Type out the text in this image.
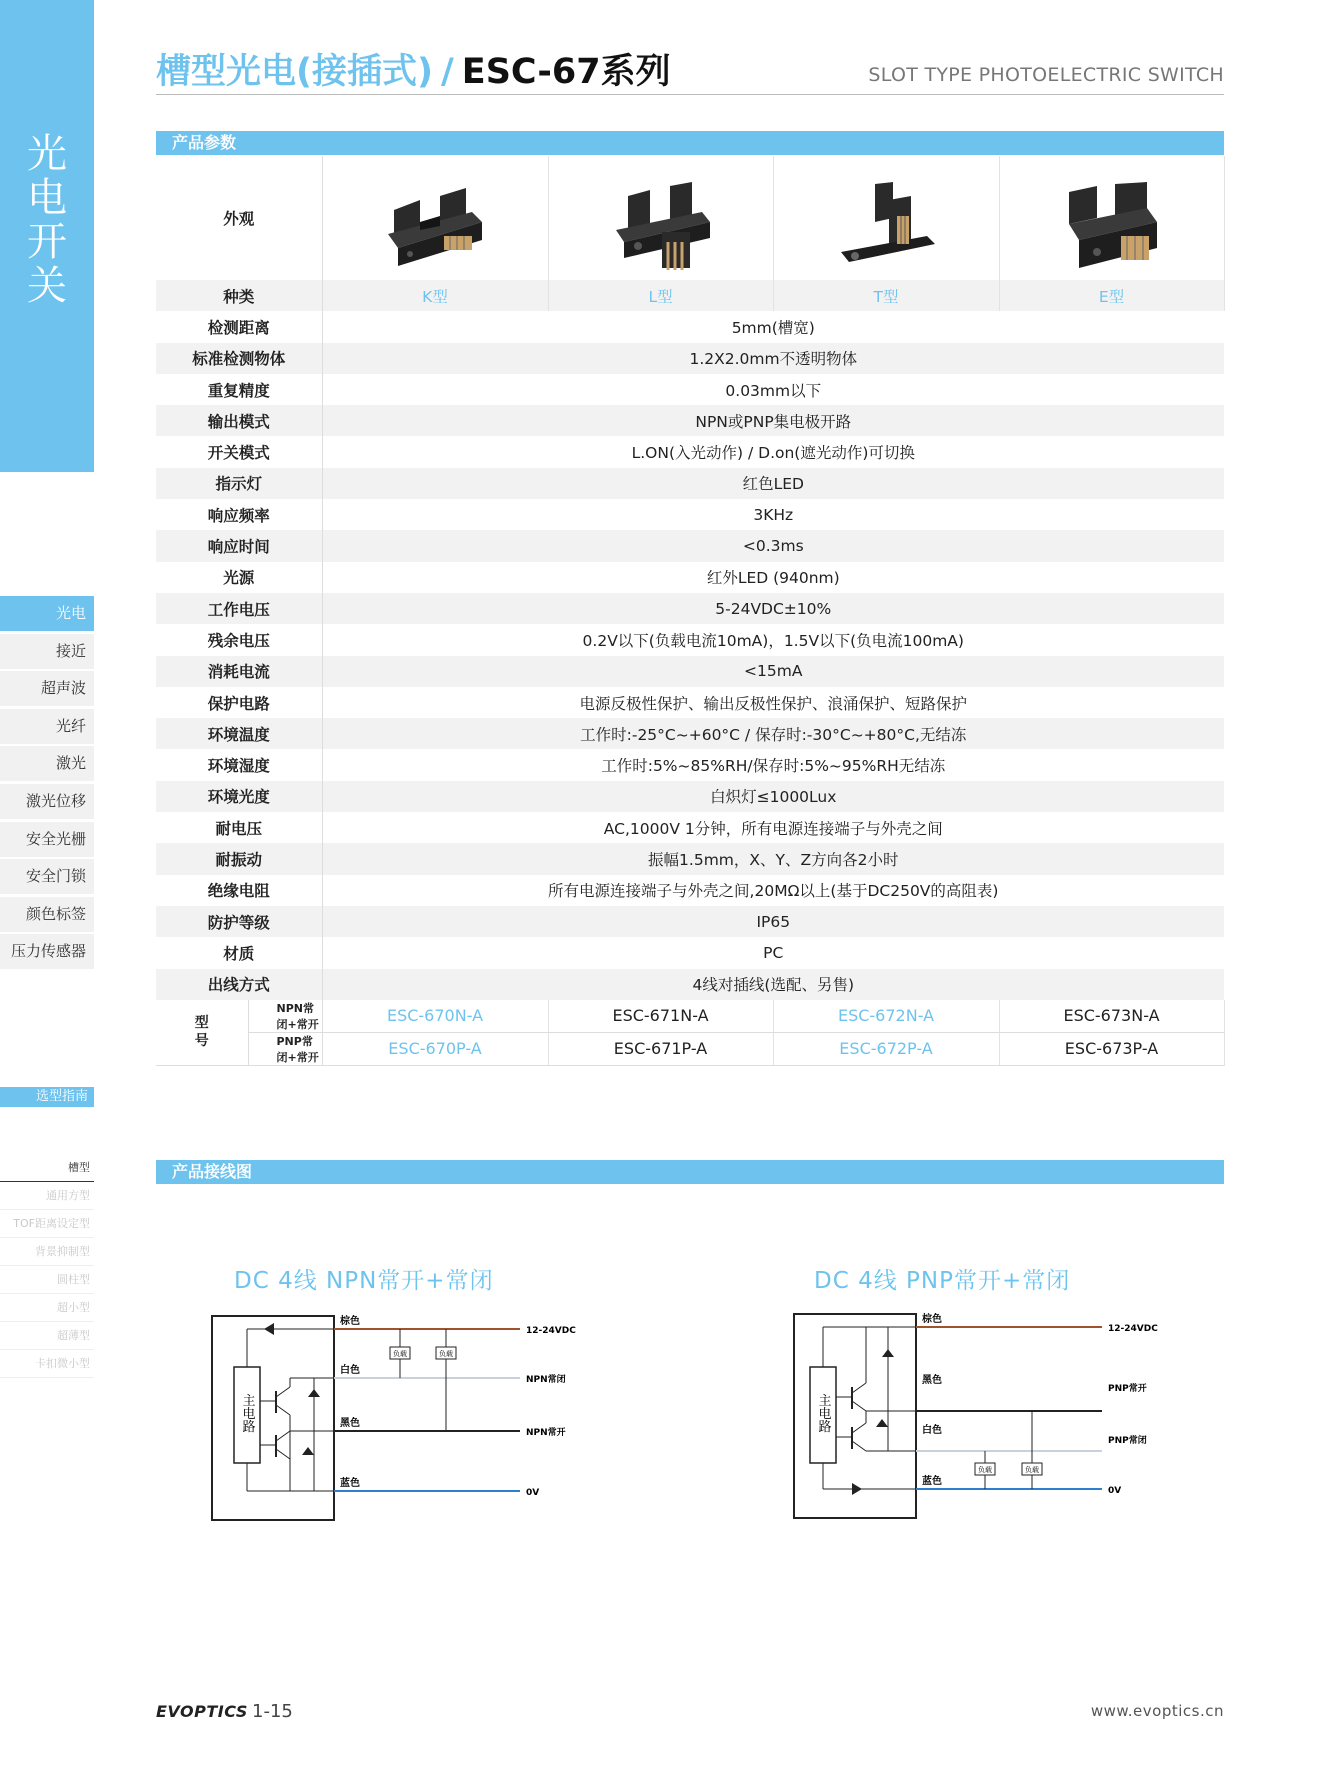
光
电
开
关
光电
接近
超声波
光纤
激光
激光位移
安全光栅
安全门锁
颜色标签
压力传感器
选型指南
槽型
通用方型
TOF距离设定型
背景抑制型
圆柱型
超小型
超薄型
卡扣微小型
槽型光电(接插式) / ESC-67系列	SLOT TYPE PHOTOELECTRIC SWITCH
产品参数
外观	

种类		K型	L型	T型	E型
检测距离		5mm(槽宽)			
标准检测物体		1.2X2.0mm不透明物体			
重复精度		0.03mm以下			
输出模式		NPN或PNP集电极开路			
开关模式		L.ON(入光动作) / D.on(遮光动作)可切换			
指示灯		红色LED			
响应频率		3KHz			
响应时间		<0.3ms			
光源		红外LED (940nm)			
工作电压		5-24VDC±10%			
残余电压		0.2V以下(负载电流10mA)，1.5V以下(负电流100mA)			
消耗电流		<15mA			
保护电路		电源反极性保护、输出反极性保护、浪涌保护、短路保护			
环境温度		工作时:-25°C~+60°C / 保存时:-30°C~+80°C,无结冻			
环境湿度		工作时:5%~85%RH/保存时:5%~95%RH无结冻			
环境光度		白炽灯≤1000Lux			
耐电压		AC,1000V 1分钟，所有电源连接端子与外壳之间			
耐振动		振幅1.5mm，X、Y、Z方向各2小时			
绝缘电阻		所有电源连接端子与外壳之间,20MΩ以上(基于DC250V的高阻表)			
防护等级		IP65			
材质		PC			
出线方式		4线对插线(选配、另售)			

型
号	NPN常闭+常开	ESC-670N-A	ESC-671N-A	ESC-672N-A	ESC-673N-A
	PNP常闭+常开	ESC-670P-A	ESC-671P-A	ESC-672P-A	ESC-673P-A
产品接线图
DC 4线 NPN常开+常闭	DC 4线 PNP常开+常闭
主电路
负载	负载
棕色
白色
黑色
蓝色
12-24VDC
NPN常闭
NPN常开
0V
主电路
负载	负载
棕色
黑色
白色
蓝色
12-24VDC
PNP常开
PNP常闭
0V
EVOPTICS 1-15	www.evoptics.cn
